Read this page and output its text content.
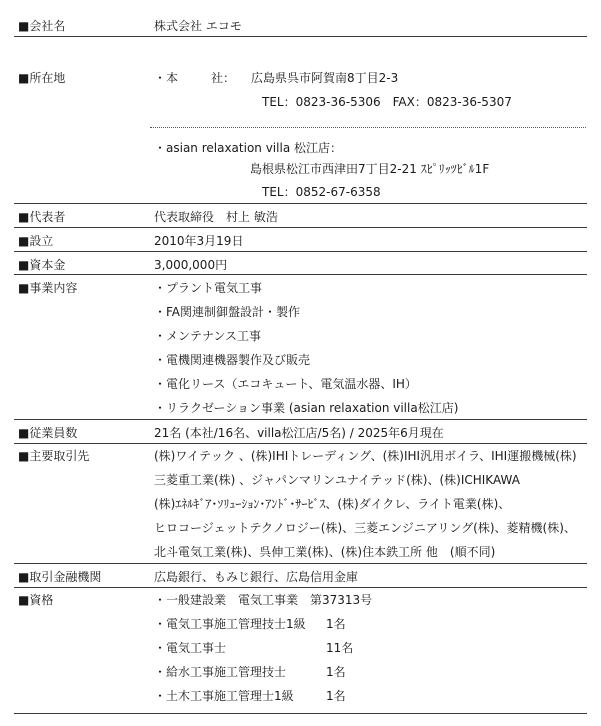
■会社名	株式会社 エコモ
■所在地	・本	社： 広島県呉市阿賀南8丁目2-3
TEL：0823-36-5306　FAX：0823-36-5307
・asian relaxation villa 松江店：
島根県松江市西津田7丁目2-21 ｽﾋﾟﾘｯﾂﾋﾞﾙ1F
TEL：0852-67-6358
■代表者	代表取締役　村上 敏浩
■設立	2010年3月19日
■資本金	3,000,000円
■事業内容	・プラント電気工事
・FA関連制御盤設計・製作
・メンテナンス工事
・電機関連機器製作及び販売
・電化リース（エコキュート、電気温水器、IH）
・リラクゼーション事業 (asian relaxation villa松江店)
■従業員数	21名 (本社/16名、villa松江店/5名) / 2025年6月現在
■主要取引先	(株)ワイテック 、(株)IHIトレーディング、(株)IHI汎用ボイラ、IHI運搬機械(株)
三菱重工業(株) 、ジャパンマリンユナイテッド(株)、(株)ICHIKAWA
(株)ｴﾈﾙｷﾞｱ･ｿﾘｭｰｼｮﾝ･ｱﾝﾄﾞ･ｻｰﾋﾞｽ、(株)ダイクレ、ライト電業(株)、
ヒロコージェットテクノロジー(株)、三菱エンジニアリング(株)、菱精機(株)、
北斗電気工業(株)、呉伸工業(株)、(株)住本鉄工所 他　(順不同)
■取引金融機関	広島銀行、もみじ銀行、広島信用金庫
■資格	・一般建設業　電気工事業　第37313号
・電気工事施工管理技士1級 1名
・電気工事士	11名
・給水工事施工管理技士	1名
・土木工事施工管理士1級	1名
